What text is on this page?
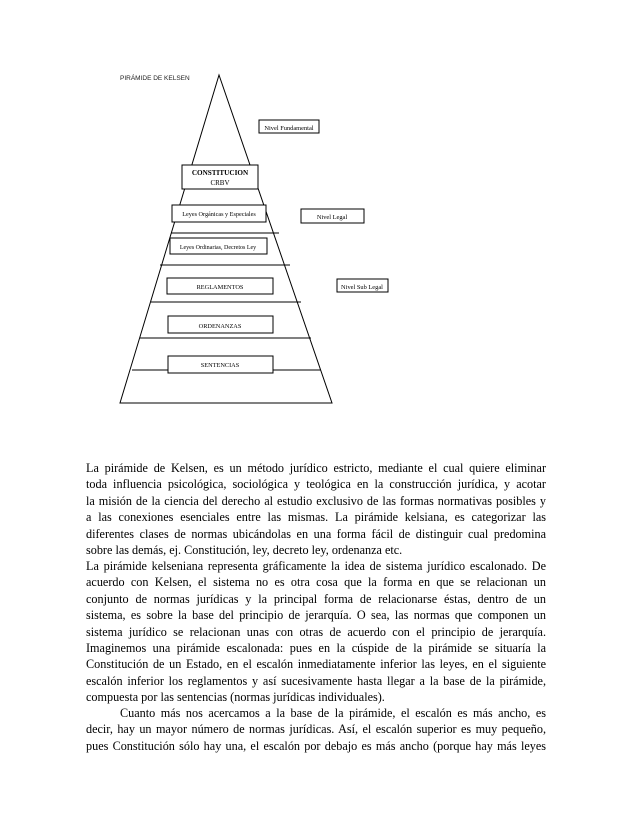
PIRÁMIDE DE KELSEN
CONSTITUCION
CRBV
Leyes Orgánicas y Especiales
Leyes Ordinarias, Decretos Ley
REGLAMENTOS
ORDENANZAS
SENTENCIAS
Nivel Fundamental
Nivel Legal
Nivel Sub Legal
La pirámide de Kelsen, es un método jurídico estricto, mediante el cual quiere eliminar
toda influencia psicológica, sociológica y teológica en la construcción jurídica, y acotar
la misión de la ciencia del derecho al estudio exclusivo de las formas normativas posibles y
a las conexiones esenciales entre las mismas. La pirámide kelsiana, es categorizar las
diferentes clases de normas ubicándolas en una forma fácil de distinguir cual predomina
sobre las demás, ej. Constitución, ley, decreto ley, ordenanza etc.
La pirámide kelseniana representa gráficamente la idea de sistema jurídico escalonado. De
acuerdo con Kelsen, el sistema no es otra cosa que la forma en que se relacionan un
conjunto de normas jurídicas y la principal forma de relacionarse éstas, dentro de un
sistema, es sobre la base del principio de jerarquía. O sea, las normas que componen un
sistema jurídico se relacionan unas con otras de acuerdo con el principio de jerarquía.
Imaginemos una pirámide escalonada: pues en la cúspide de la pirámide se situaría la
Constitución de un Estado, en el escalón inmediatamente inferior las leyes, en el siguiente
escalón inferior los reglamentos y así sucesivamente hasta llegar a la base de la pirámide,
compuesta por las sentencias (normas jurídicas individuales).
Cuanto más nos acercamos a la base de la pirámide, el escalón es más ancho, es
decir, hay un mayor número de normas jurídicas. Así, el escalón superior es muy pequeño,
pues Constitución sólo hay una, el escalón por debajo es más ancho (porque hay más leyes
